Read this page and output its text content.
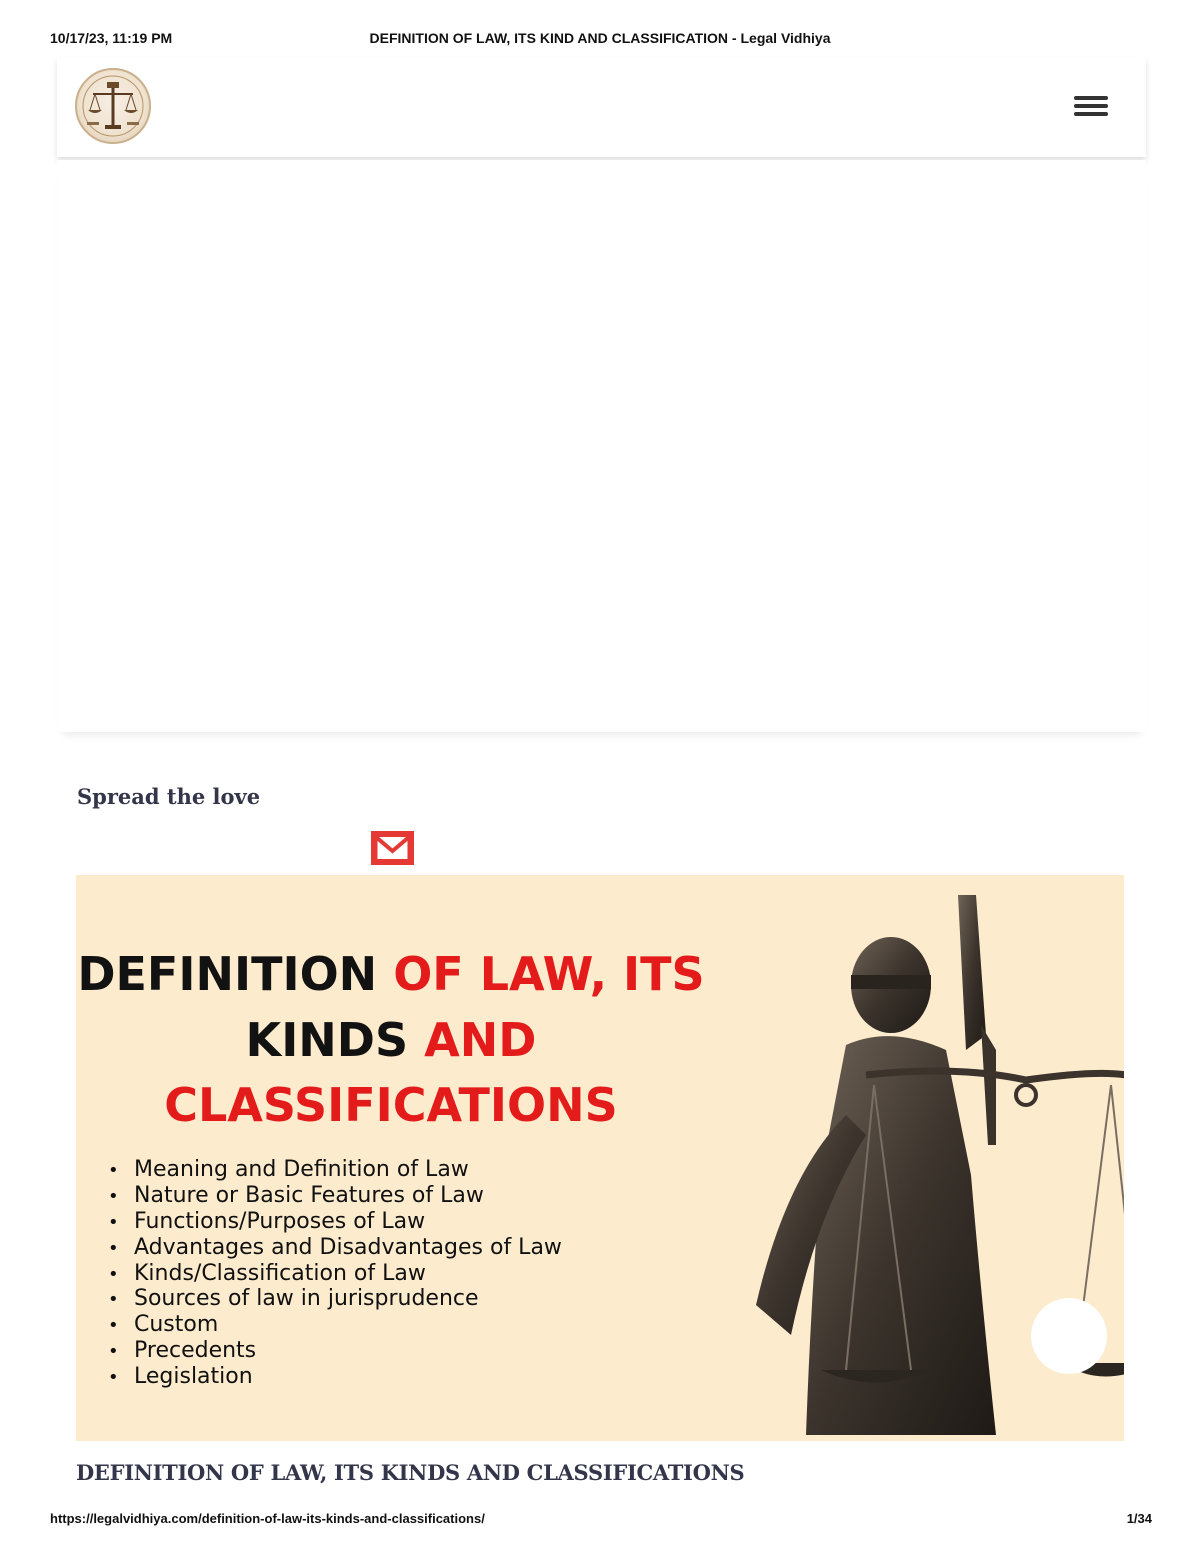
10/17/23, 11:19 PM	DEFINITION OF LAW, ITS KIND AND CLASSIFICATION - Legal Vidhiya
Spread the love
DEFINITION OF LAW, ITS
KINDS AND
CLASSIFICATIONS
• Meaning and Definition of Law
• Nature or Basic Features of Law
• Functions/Purposes of Law
• Advantages and Disadvantages of Law
• Kinds/Classification of Law
• Sources of law in jurisprudence
• Custom
• Precedents
• Legislation
DEFINITION OF LAW, ITS KINDS AND CLASSIFICATIONS
https://legalvidhiya.com/definition-of-law-its-kinds-and-classifications/	1/34
